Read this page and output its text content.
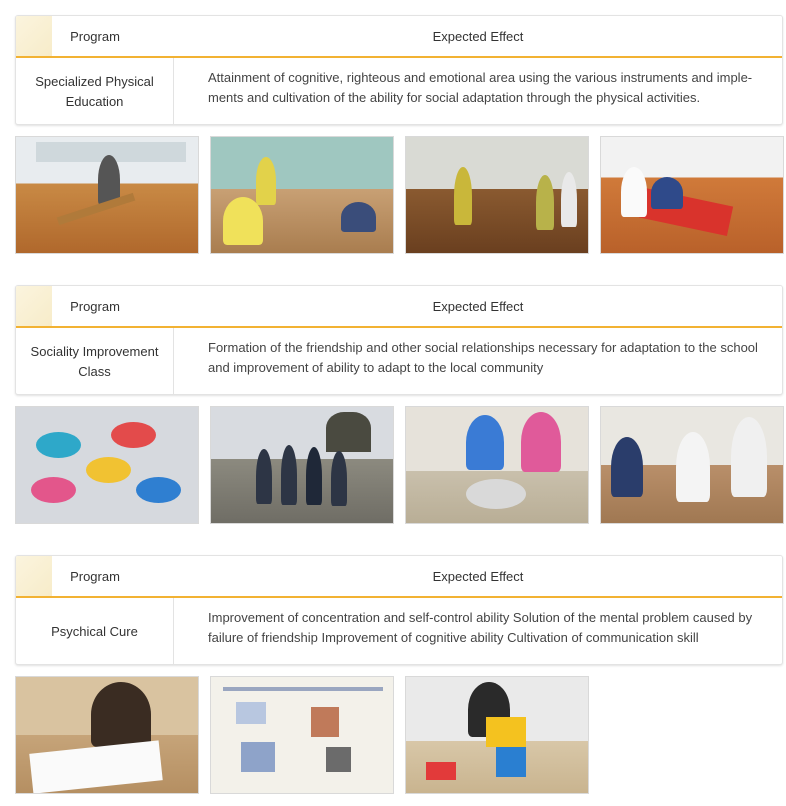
Program	Expected Effect
Specialized Physical
Education
Attainment of cognitive, righteous and emotional area using the various instruments and imple-ments and cultivation of the ability for social adaptation through the physical activities.
Program	Expected Effect
Sociality Improvement
Class
Formation of the friendship and other social relationships necessary for adaptation to the school and improvement of ability to adapt to the local community
Program	Expected Effect
Psychical Cure
Improvement of concentration and self-control ability Solution of the mental problem caused by failure of friendship Improvement of cognitive ability Cultivation of communication skill
